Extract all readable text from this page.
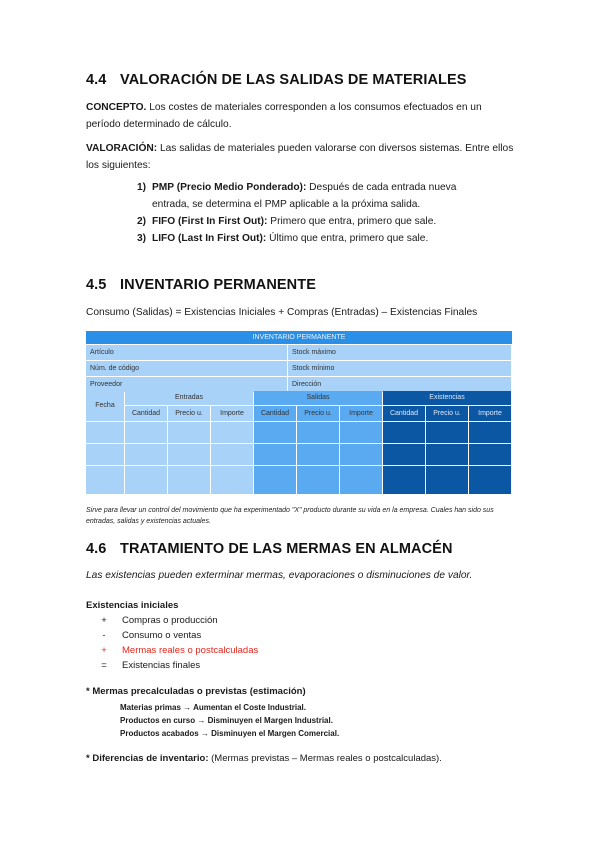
4.4 VALORACIÓN DE LAS SALIDAS DE MATERIALES
CONCEPTO. Los costes de materiales corresponden a los consumos efectuados en un período determinado de cálculo.
VALORACIÓN: Las salidas de materiales pueden valorarse con diversos sistemas. Entre ellos los siguientes:
1) PMP (Precio Medio Ponderado): Después de cada entrada nueva entrada, se determina el PMP aplicable a la próxima salida.
2) FIFO (First In First Out): Primero que entra, primero que sale.
3) LIFO (Last In First Out): Último que entra, primero que sale.
4.5 INVENTARIO PERMANENTE
Consumo (Salidas) = Existencias Iniciales + Compras (Entradas) – Existencias Finales
INVENTARIO PERMANENTE
Artículo	Stock máximo
Núm. de código	Stock mínimo
Proveedor	Dirección
Fecha
Entradas
Cantidad	Precio u.	Importe
Salidas
Cantidad	Precio u.	Importe
Existencias
Cantidad	Precio u.	Importe
Sirve para llevar un control del movimiento que ha experimentado "X" producto durante su vida en la empresa. Cuales han sido sus entradas, salidas y existencias actuales.
4.6 TRATAMIENTO DE LAS MERMAS EN ALMACÉN
Las existencias pueden exterminar mermas, evaporaciones o disminuciones de valor.
Existencias iniciales
+	Compras o producción
-	Consumo o ventas
+	Mermas reales o postcalculadas
=	Existencias finales
* Mermas precalculadas o previstas (estimación)
Materias primas → Aumentan el Coste Industrial.
Productos en curso → Disminuyen el Margen Industrial.
Productos acabados → Disminuyen el Margen Comercial.
* Diferencias de inventario: (Mermas previstas – Mermas reales o postcalculadas).
